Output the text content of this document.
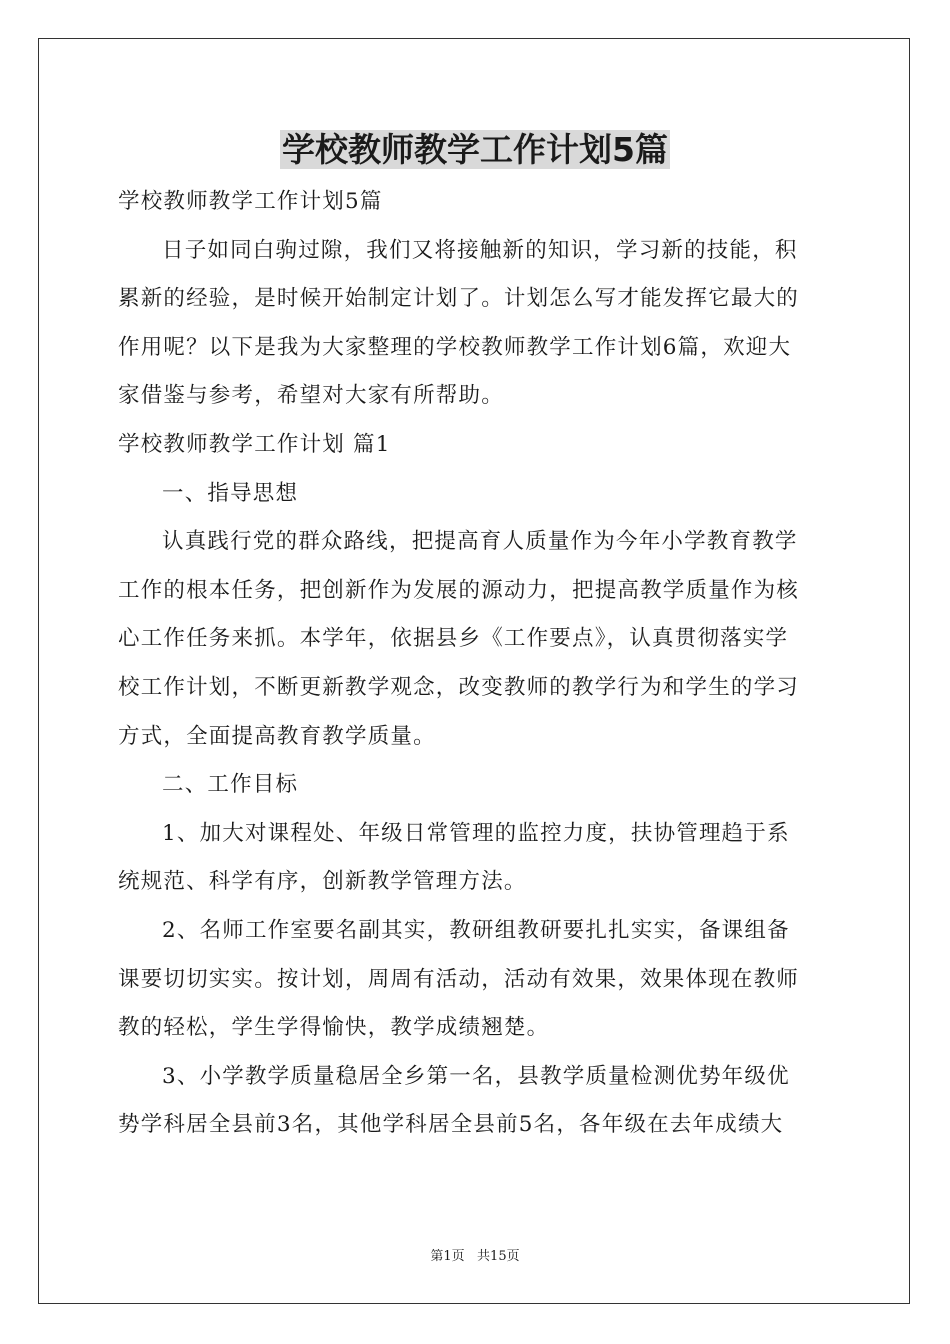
学校教师教学工作计划5篇
学校教师教学工作计划5篇
日子如同白驹过隙，我们又将接触新的知识，学习新的技能，积
累新的经验，是时候开始制定计划了。计划怎么写才能发挥它最大的
作用呢？以下是我为大家整理的学校教师教学工作计划6篇，欢迎大
家借鉴与参考，希望对大家有所帮助。
学校教师教学工作计划 篇1
一、指导思想
认真践行党的群众路线，把提高育人质量作为今年小学教育教学
工作的根本任务，把创新作为发展的源动力，把提高教学质量作为核
心工作任务来抓。本学年，依据县乡《工作要点》，认真贯彻落实学
校工作计划，不断更新教学观念，改变教师的教学行为和学生的学习
方式，全面提高教育教学质量。
二、工作目标
1、加大对课程处、年级日常管理的监控力度，扶协管理趋于系
统规范、科学有序，创新教学管理方法。
2、名师工作室要名副其实，教研组教研要扎扎实实，备课组备
课要切切实实。按计划，周周有活动，活动有效果，效果体现在教师
教的轻松，学生学得愉快，教学成绩翘楚。
3、小学教学质量稳居全乡第一名，县教学质量检测优势年级优
势学科居全县前3名，其他学科居全县前5名，各年级在去年成绩大
第1页   共15页
